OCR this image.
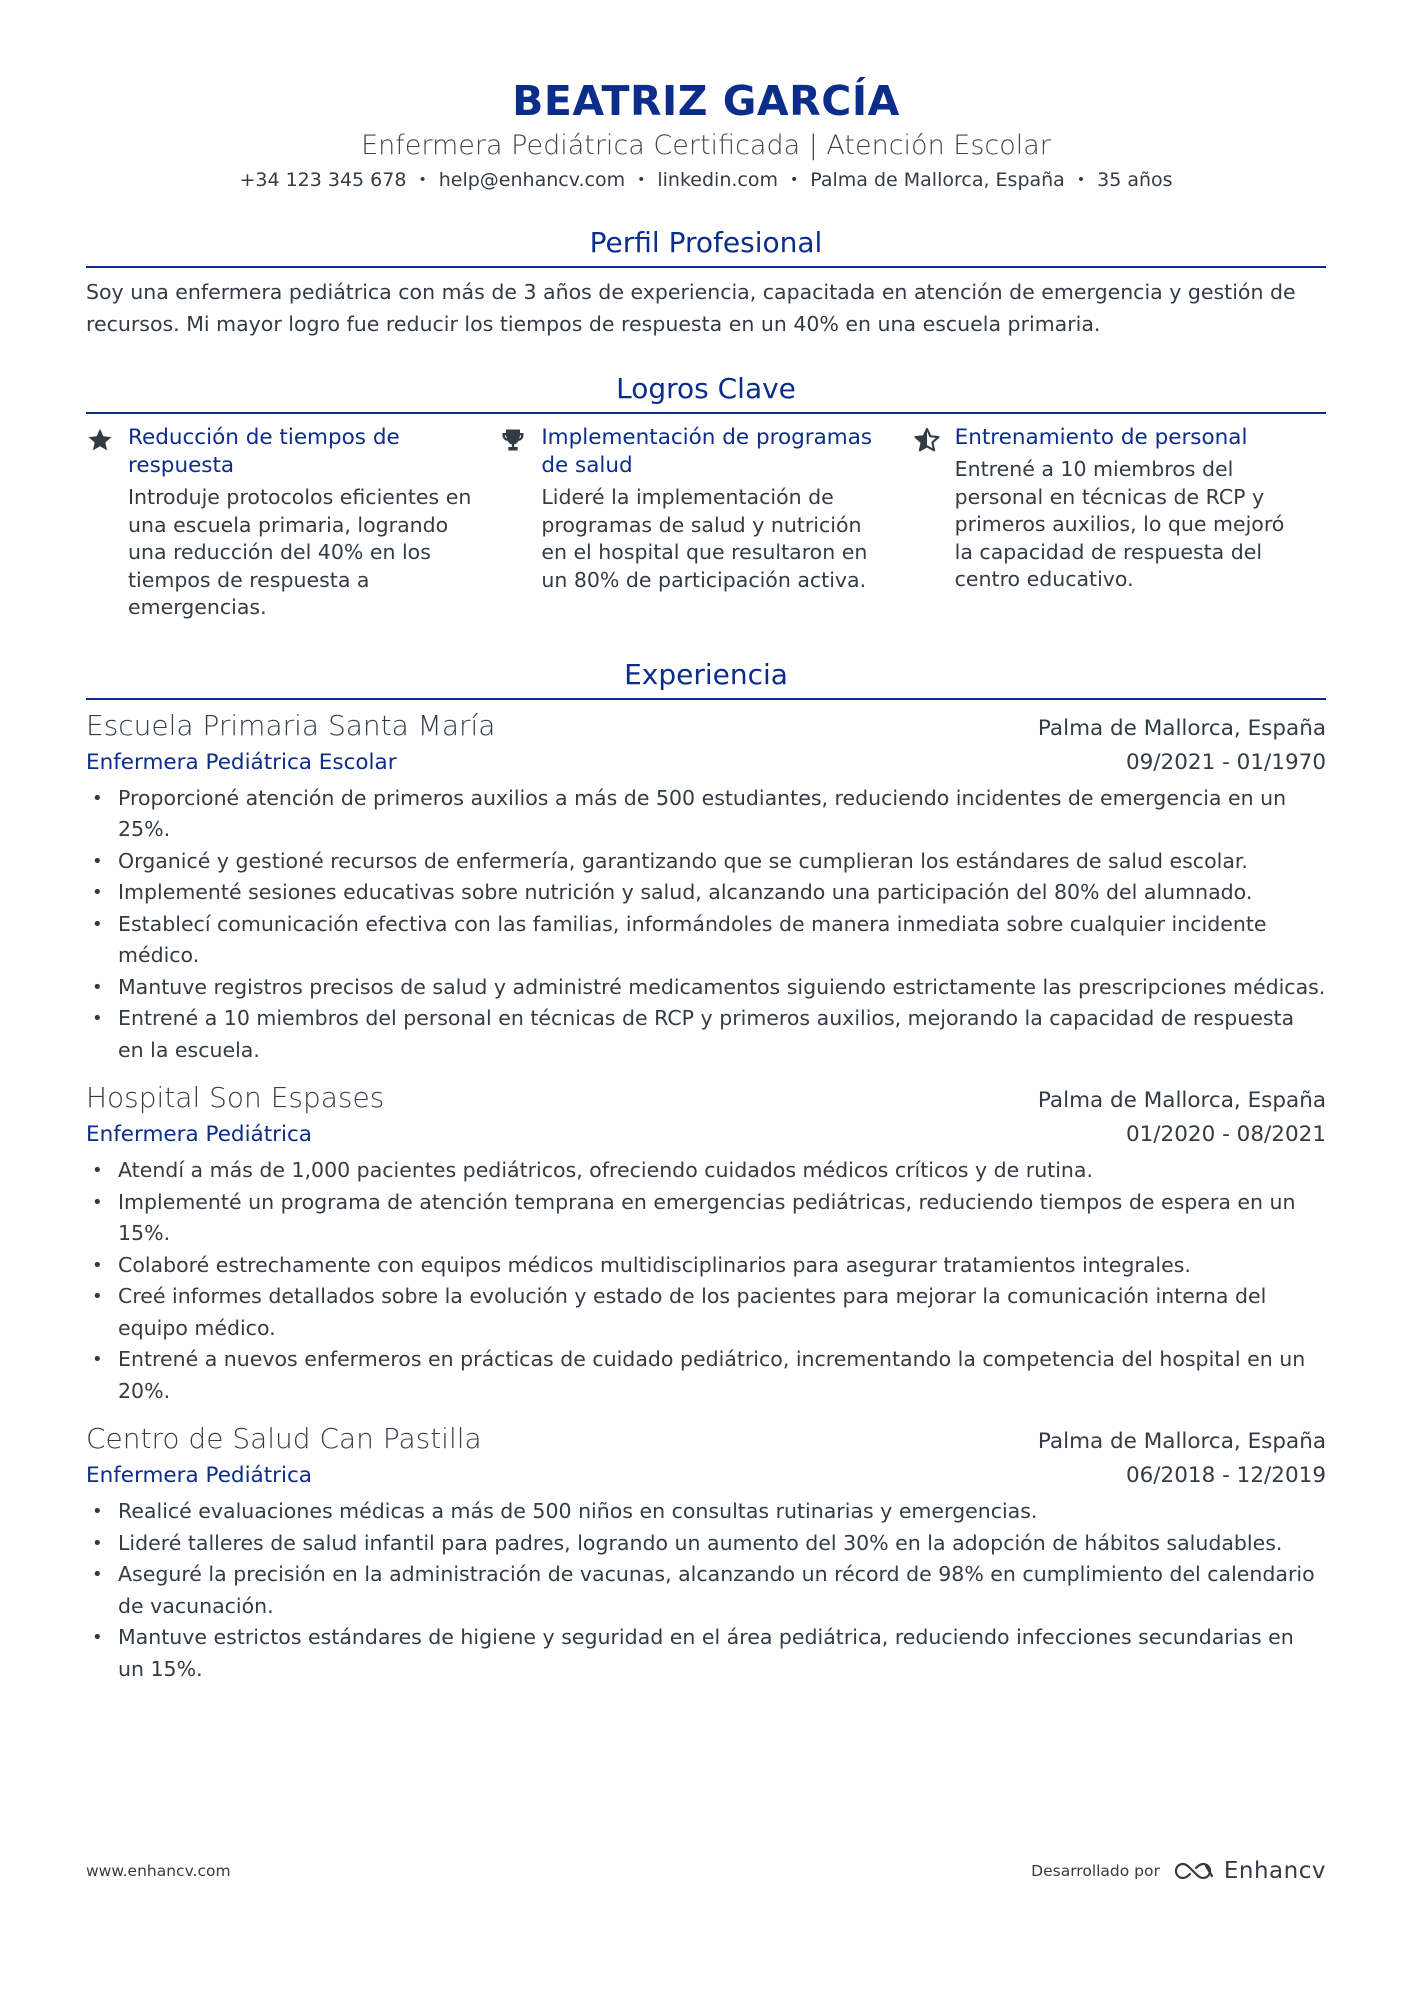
BEATRIZ GARCÍA
Enfermera Pediátrica Certificada | Atención Escolar
+34 123 345 678 • help@enhancv.com • linkedin.com • Palma de Mallorca, España • 35 años
Perfil Profesional
Soy una enfermera pediátrica con más de 3 años de experiencia, capacitada en atención de emergencia y gestión de recursos. Mi mayor logro fue reducir los tiempos de respuesta en un 40% en una escuela primaria.
Logros Clave
Reducción de tiempos de respuesta
Introduje protocolos eficientes en una escuela primaria, logrando una reducción del 40% en los tiempos de respuesta a emergencias.
Implementación de programas de salud
Lideré la implementación de programas de salud y nutrición en el hospital que resultaron en un 80% de participación activa.
Entrenamiento de personal
Entrené a 10 miembros del personal en técnicas de RCP y primeros auxilios, lo que mejoró la capacidad de respuesta del centro educativo.
Experiencia
Escuela Primaria Santa María	Palma de Mallorca, España
Enfermera Pediátrica Escolar	09/2021 - 01/1970
• Proporcioné atención de primeros auxilios a más de 500 estudiantes, reduciendo incidentes de emergencia en un 25%.
• Organicé y gestioné recursos de enfermería, garantizando que se cumplieran los estándares de salud escolar.
• Implementé sesiones educativas sobre nutrición y salud, alcanzando una participación del 80% del alumnado.
• Establecí comunicación efectiva con las familias, informándoles de manera inmediata sobre cualquier incidente médico.
• Mantuve registros precisos de salud y administré medicamentos siguiendo estrictamente las prescripciones médicas.
• Entrené a 10 miembros del personal en técnicas de RCP y primeros auxilios, mejorando la capacidad de respuesta en la escuela.
Hospital Son Espases	Palma de Mallorca, España
Enfermera Pediátrica	01/2020 - 08/2021
• Atendí a más de 1,000 pacientes pediátricos, ofreciendo cuidados médicos críticos y de rutina.
• Implementé un programa de atención temprana en emergencias pediátricas, reduciendo tiempos de espera en un 15%.
• Colaboré estrechamente con equipos médicos multidisciplinarios para asegurar tratamientos integrales.
• Creé informes detallados sobre la evolución y estado de los pacientes para mejorar la comunicación interna del equipo médico.
• Entrené a nuevos enfermeros en prácticas de cuidado pediátrico, incrementando la competencia del hospital en un 20%.
Centro de Salud Can Pastilla	Palma de Mallorca, España
Enfermera Pediátrica	06/2018 - 12/2019
• Realicé evaluaciones médicas a más de 500 niños en consultas rutinarias y emergencias.
• Lideré talleres de salud infantil para padres, logrando un aumento del 30% en la adopción de hábitos saludables.
• Aseguré la precisión en la administración de vacunas, alcanzando un récord de 98% en cumplimiento del calendario de vacunación.
• Mantuve estrictos estándares de higiene y seguridad en el área pediátrica, reduciendo infecciones secundarias en un 15%.
www.enhancv.com	Desarrollado por	Enhancv
